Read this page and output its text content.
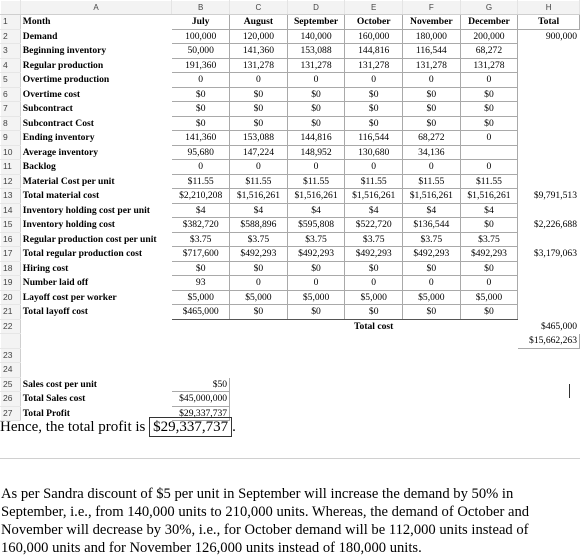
	A	B	C	D	E	F	G	H
1	Month	July	August	September	October	November	December	Total
2	Demand	100,000	120,000	140,000	160,000	180,000	200,000	900,000
3	Beginning inventory	50,000	141,360	153,088	144,816	116,544	68,272	
4	Regular production	191,360	131,278	131,278	131,278	131,278	131,278	
5	Overtime production	0	0	0	0	0	0	
6	Overtime cost	$0	$0	$0	$0	$0	$0	
7	Subcontract	$0	$0	$0	$0	$0	$0	
8	Subcontract Cost	$0	$0	$0	$0	$0	$0	
9	Ending inventory	141,360	153,088	144,816	116,544	68,272	0	
10	Average inventory	95,680	147,224	148,952	130,680	34,136		
11	Backlog	0	0	0	0	0	0	
12	Material Cost per unit	$11.55	$11.55	$11.55	$11.55	$11.55	$11.55	
13	Total material cost	$2,210,208	$1,516,261	$1,516,261	$1,516,261	$1,516,261	$1,516,261	$9,791,513
14	Inventory holding cost per unit	$4	$4	$4	$4	$4	$4	
15	Inventory holding cost	$382,720	$588,896	$595,808	$522,720	$136,544	$0	$2,226,688
16	Regular production cost per unit	$3.75	$3.75	$3.75	$3.75	$3.75	$3.75	
17	Total regular production cost	$717,600	$492,293	$492,293	$492,293	$492,293	$492,293	$3,179,063
18	Hiring cost	$0	$0	$0	$0	$0	$0	
19	Number laid off	93	0	0	0	0	0	
20	Layoff cost per worker	$5,000	$5,000	$5,000	$5,000	$5,000	$5,000	
21	Total layoff cost	$465,000	$0	$0	$0	$0	$0	
22			Total cost					$465,000
								$15,662,263
23								
24								
25	Sales cost per unit	$50						
26	Total Sales cost	$45,000,000						
27	Total Profit	$29,337,737						
Hence, the total profit is $29,337,737 .

As per Sandra discount of $5 per unit in September will increase the demand by 50% in September, i.e., from 140,000 units to 210,000 units. Whereas, the demand of October and November will decrease by 30%, i.e., for October demand will be 112,000 units instead of 160,000 units and for November 126,000 units instead of 180,000 units.
